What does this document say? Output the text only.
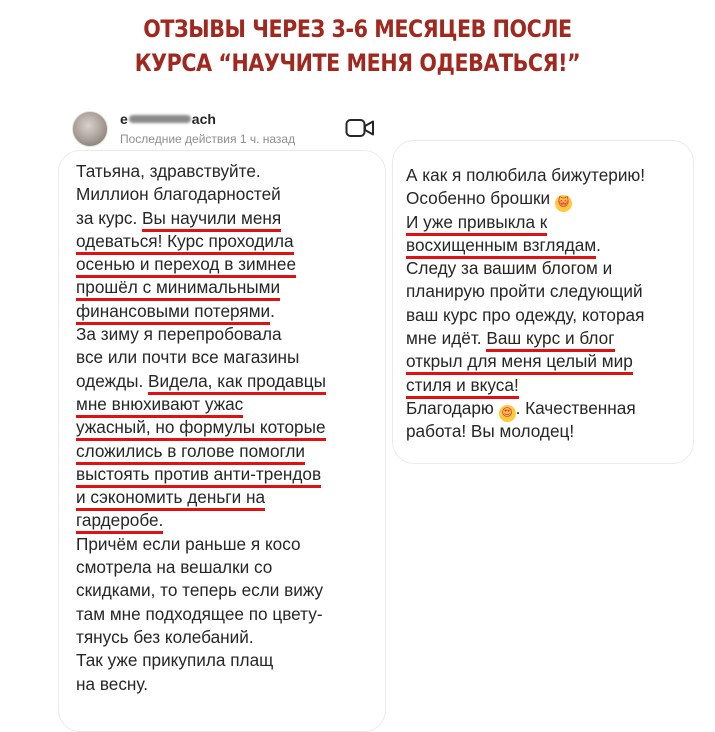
ОТЗЫВЫ ЧЕРЕЗ 3-6 МЕСЯЦЕВ ПОСЛЕ
КУРСА “НАУЧИТЕ МЕНЯ ОДЕВАТЬСЯ!”
e	ach
Последние действия 1 ч. назад
Татьяна, здравствуйте.
Миллион благодарностей
за курс. Вы научили меня
одеваться! Курс проходила
осенью и переход в зимнее
прошёл с минимальными
финансовыми потерями.
За зиму я перепробовала
все или почти все магазины
одежды. Видела, как продавцы
мне внюхивают ужас
ужасный, но формулы которые
сложились в голове помогли
выстоять против анти-трендов
и сэкономить деньги на
гардеробе.
Причём если раньше я косо
смотрела на вешалки со
скидками, то теперь если вижу
там мне подходящее по цвету-
тянусь без колебаний.
Так уже прикупила плащ
на весну.
А как я полюбила бижутерию!
Особенно брошки 😺
И уже привыкла к
восхищенным взглядам.
Следу за вашим блогом и
планирую пройти следующий
ваш курс про одежду, которая
мне идёт. Ваш курс и блог
открыл для меня целый мир
стиля и вкуса!
Благодарю 😍 . Качественная
работа! Вы молодец!
